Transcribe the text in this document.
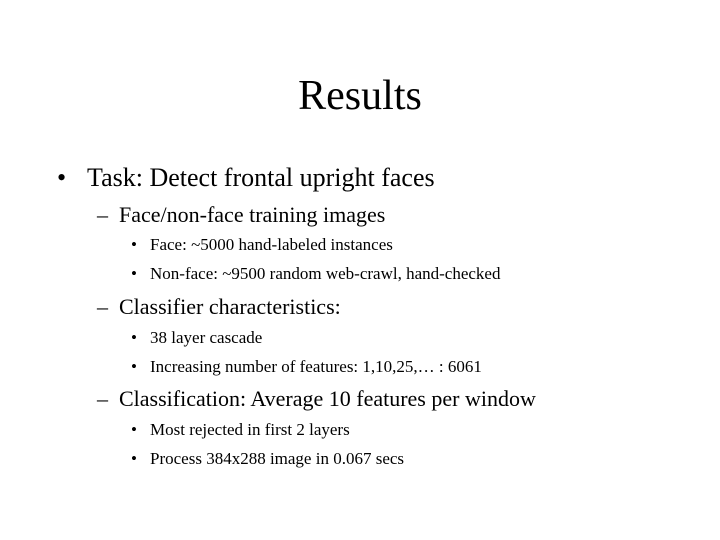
Results
• Task: Detect frontal upright faces
– Face/non-face training images
• Face: ~5000 hand-labeled instances
• Non-face: ~9500 random web-crawl, hand-checked
– Classifier characteristics:
• 38 layer cascade
• Increasing number of features: 1,10,25,… : 6061
– Classification: Average 10 features per window
• Most rejected in first 2 layers
• Process 384x288 image in 0.067 secs
